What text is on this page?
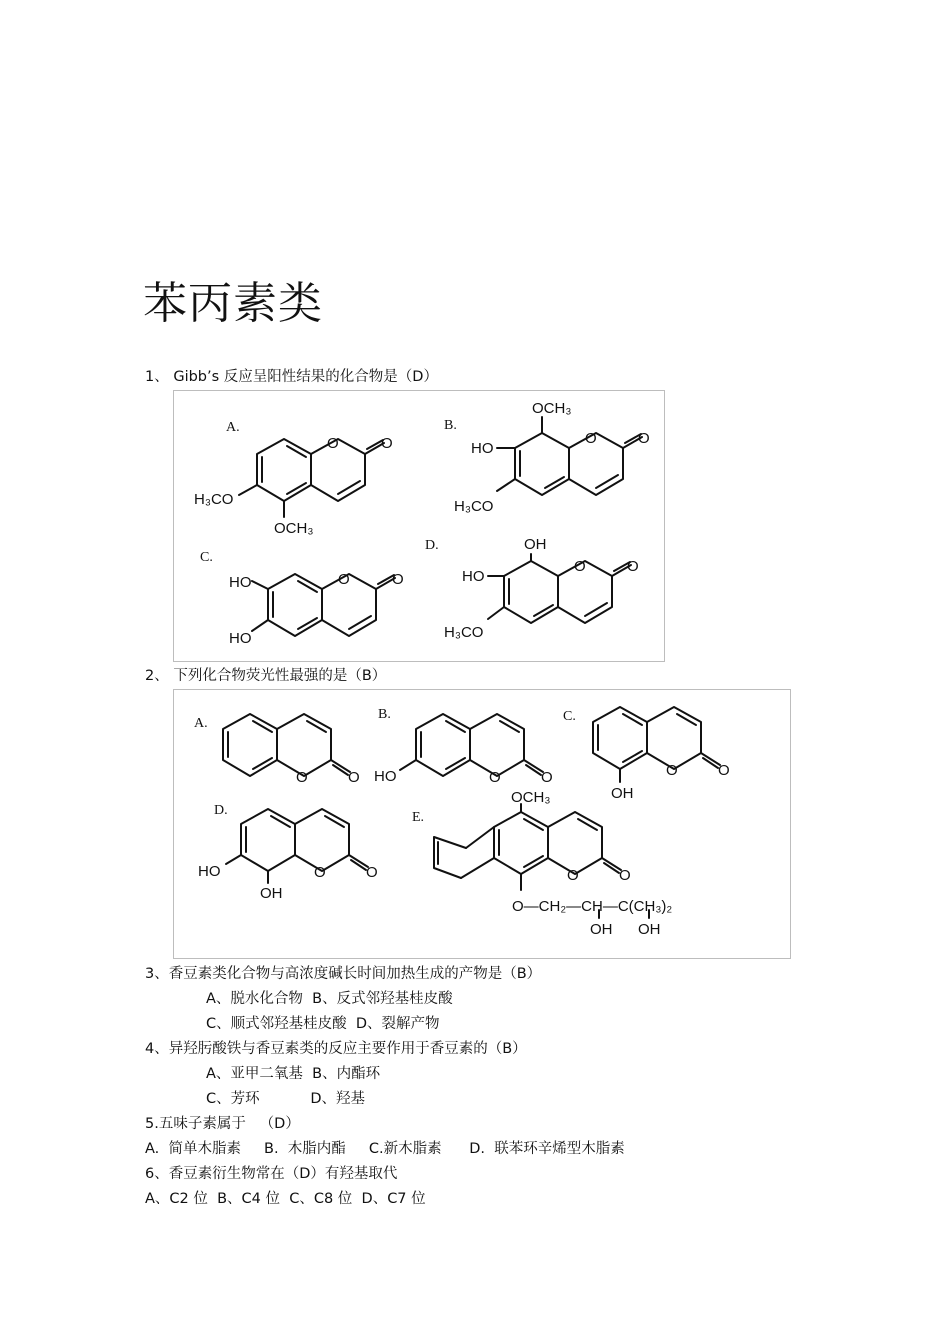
苯丙素类
1、 Gibb’s 反应呈阳性结果的化合物是（D）
A.
O	O
H₃CO
OCH₃
B.
O	O
OCH₃
HO
H₃CO
C.
O	O
HO
HO
D.
O	O
OH
HO
H₃CO
2、 下列化合物荧光性最强的是（B）
A.
O	O
B.
O	O
HO
C.
O	O
OH
D.
O	O
HO
OH
E.
O	O
OCH₃
O—CH₂—CH—C(CH₃)₂
OH OH
3、香豆素类化合物与高浓度碱长时间加热生成的产物是（B）
A、脱水化合物  B、反式邻羟基桂皮酸
C、顺式邻羟基桂皮酸  D、裂解产物
4、异羟肟酸铁与香豆素类的反应主要作用于香豆素的（B）
A、亚甲二氧基  B、内酯环
C、芳环           D、羟基
5.五味子素属于   （D）
A.  简单木脂素     B.  木脂内酯     C.新木脂素      D.  联苯环辛烯型木脂素
6、香豆素衍生物常在（D）有羟基取代
A、C2 位  B、C4 位  C、C8 位  D、C7 位
